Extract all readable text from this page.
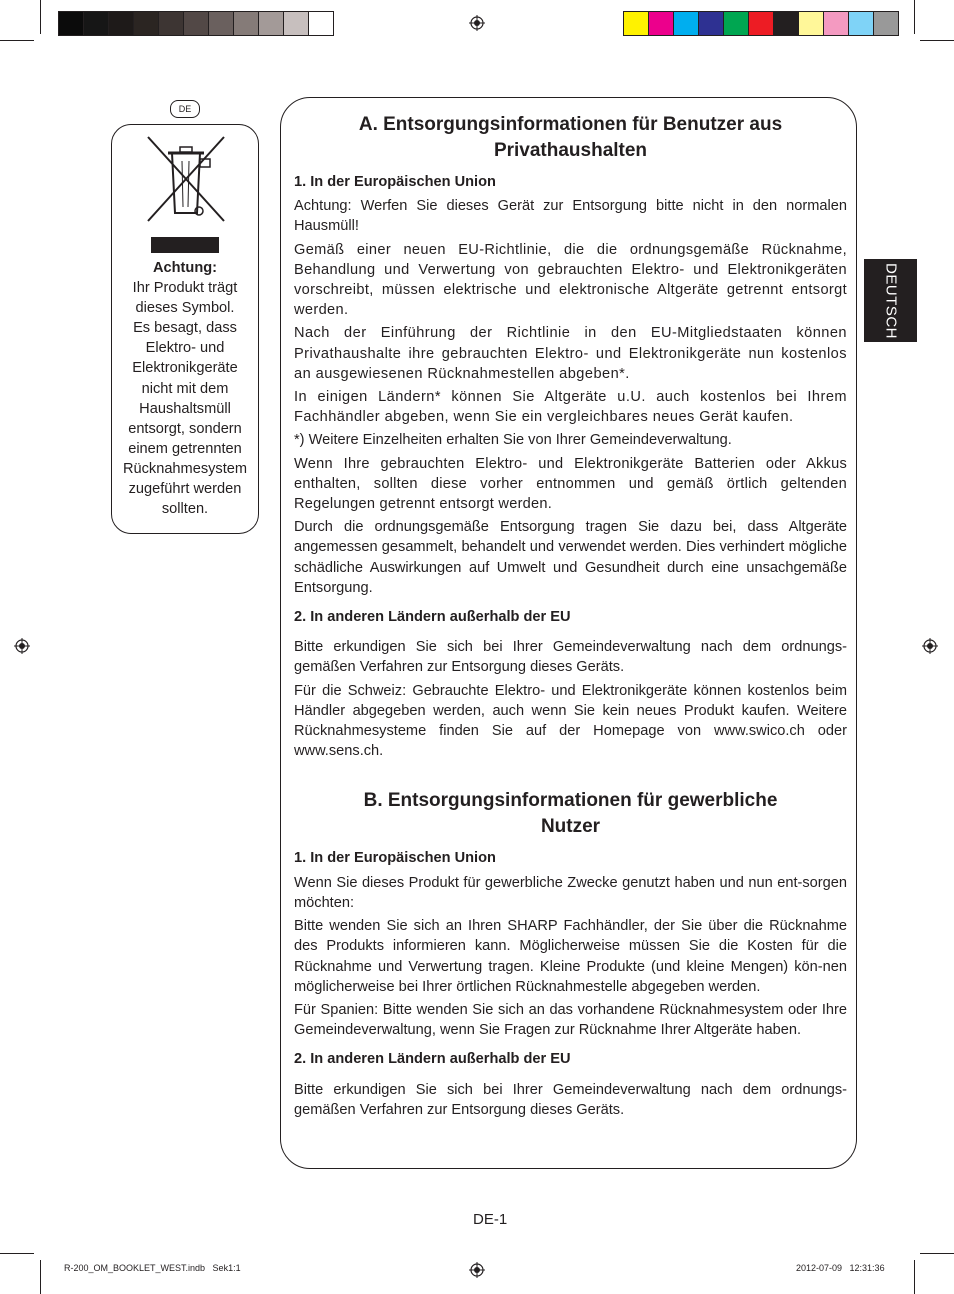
DE
Achtung:
Ihr Produkt trägt
dieses Symbol.
Es besagt, dass
Elektro- und
Elektronikgeräte
nicht mit dem
Haushaltsmüll
entsorgt, sondern
einem getrennten
Rücknahmesystem
zugeführt werden
sollten.
DEUTSCH
A. Entsorgungsinformationen für Benutzer aus
Privathaushalten
1. In der Europäischen Union

Achtung: Werfen Sie dieses Gerät zur Entsorgung bitte nicht in den normalen Hausmüll!

Gemäß einer neuen EU-Richtlinie, die die ordnungsgemäße Rücknahme, Behandlung und Verwertung von gebrauchten Elektro- und Elektronikgeräten vorschreibt, müssen elektrische und elektronische Altgeräte getrennt entsorgt werden.

Nach der Einführung der Richtlinie in den EU-Mitgliedstaaten können Privathaushalte ihre gebrauchten Elektro- und Elektronikgeräte nun kostenlos an ausgewiesenen Rücknahmestellen abgeben*.

In einigen Ländern* können Sie Altgeräte u.U. auch kostenlos bei Ihrem Fachhändler abgeben, wenn Sie ein vergleichbares neues Gerät kaufen.

*) Weitere Einzelheiten erhalten Sie von Ihrer Gemeindeverwaltung.

Wenn Ihre gebrauchten Elektro- und Elektronikgeräte Batterien oder Akkus enthalten, sollten diese vorher entnommen und gemäß örtlich geltenden Regelungen getrennt entsorgt werden.

Durch die ordnungsgemäße Entsorgung tragen Sie dazu bei, dass Altgeräte angemessen gesammelt, behandelt und verwendet werden. Dies verhindert mögliche schädliche Auswirkungen auf Umwelt und Gesundheit durch eine unsachgemäße Entsorgung.

2. In anderen Ländern außerhalb der EU

Bitte erkundigen Sie sich bei Ihrer Gemeindeverwaltung nach dem ordnungs-gemäßen Verfahren zur Entsorgung dieses Geräts.

Für die Schweiz: Gebrauchte Elektro- und Elektronikgeräte können kostenlos beim Händler abgegeben werden, auch wenn Sie kein neues Produkt kaufen. Weitere Rücknahmesysteme finden Sie auf der Homepage von www.swico.ch oder www.sens.ch.

B. Entsorgungsinformationen für gewerbliche
Nutzer
1. In der Europäischen Union

Wenn Sie dieses Produkt für gewerbliche Zwecke genutzt haben und nun ent-sorgen möchten:

Bitte wenden Sie sich an Ihren SHARP Fachhändler, der Sie über die Rücknahme des Produkts informieren kann. Möglicherweise müssen Sie die Kosten für die Rücknahme und Verwertung tragen. Kleine Produkte (und kleine Mengen) kön-nen möglicherweise bei Ihrer örtlichen Rücknahmestelle abgegeben werden.

Für Spanien: Bitte wenden Sie sich an das vorhandene Rücknahmesystem oder Ihre Gemeindeverwaltung, wenn Sie Fragen zur Rücknahme Ihrer Altgeräte haben.

2. In anderen Ländern außerhalb der EU

Bitte erkundigen Sie sich bei Ihrer Gemeindeverwaltung nach dem ordnungs-gemäßen Verfahren zur Entsorgung dieses Geräts.

DE-1
R-200_OM_BOOKLET_WEST.indb   Sek1:1	2012-07-09   12:31:36
